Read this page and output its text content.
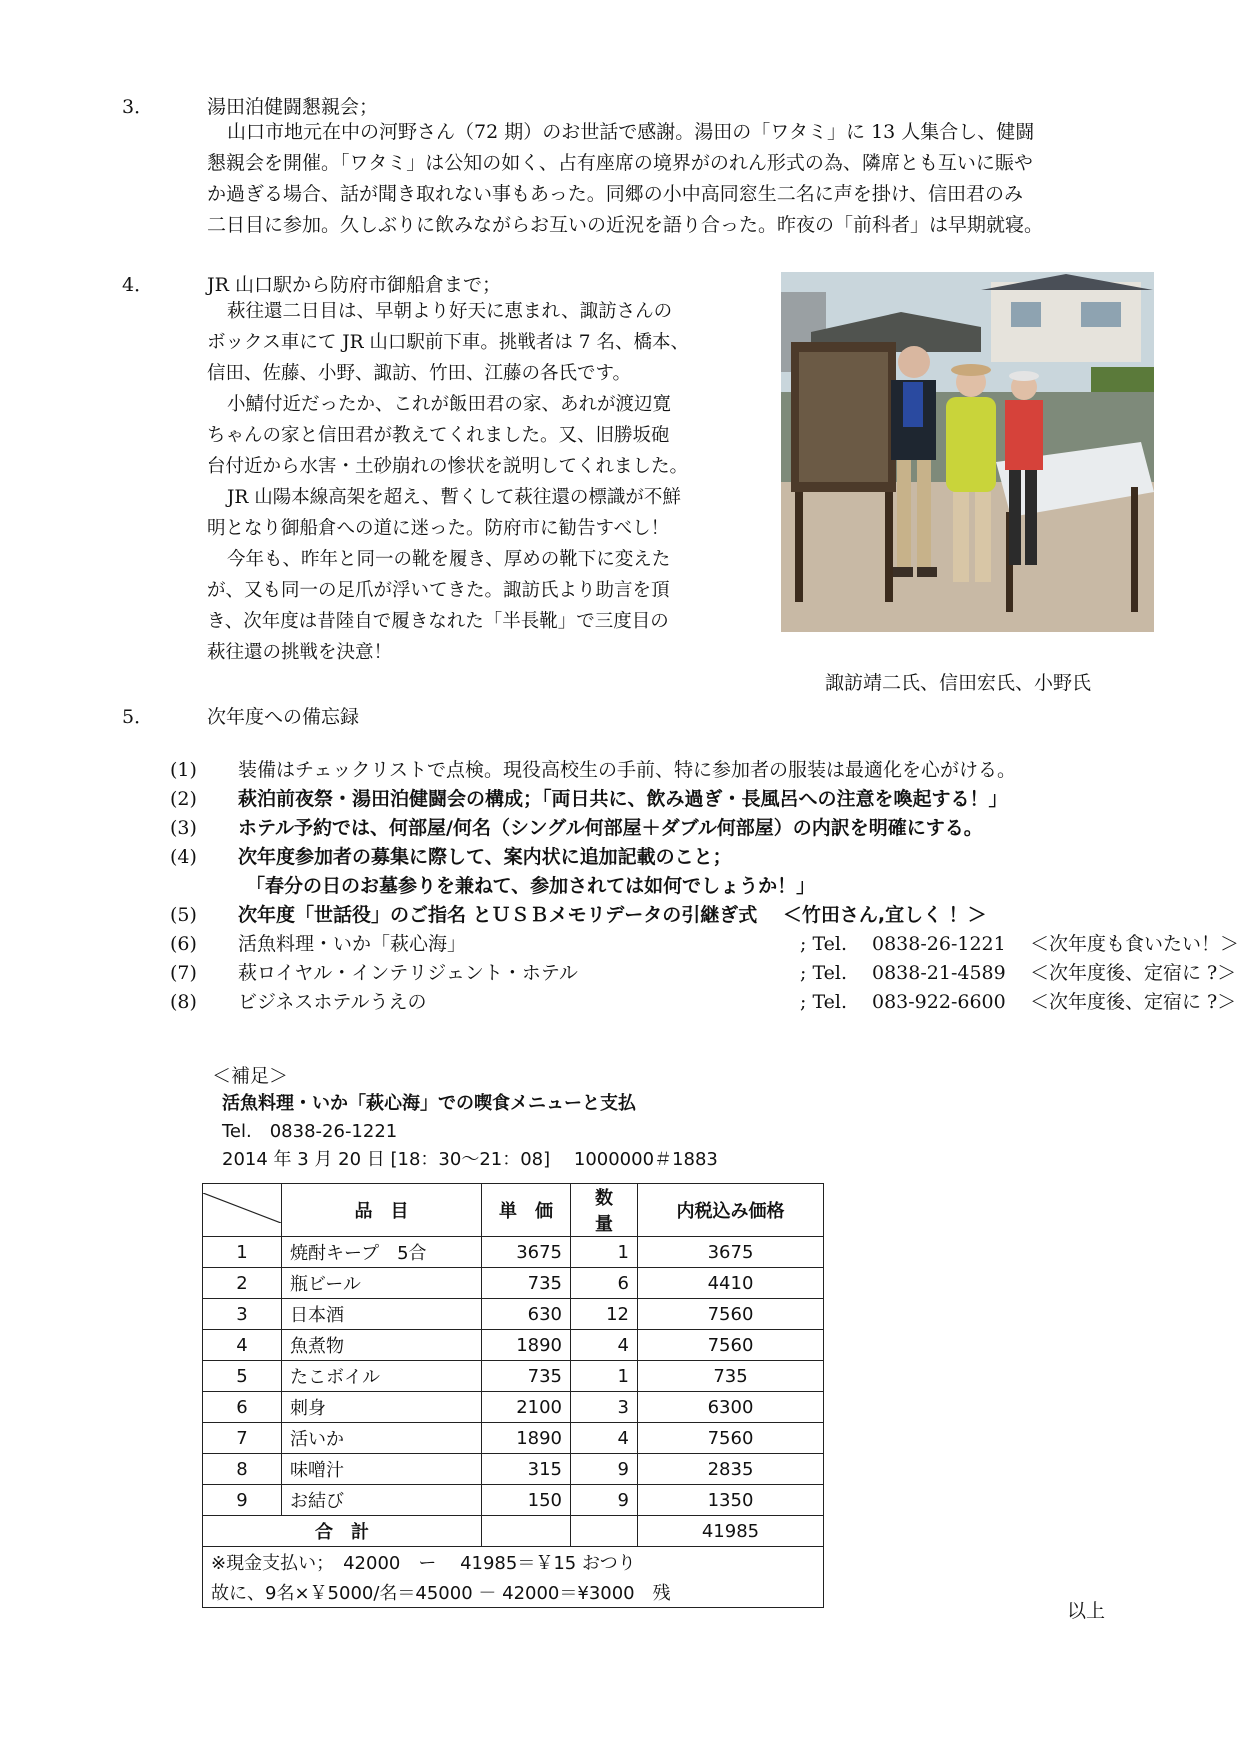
3．	湯田泊健闘懇親会；
山口市地元在中の河野さん（72 期）のお世話で感謝。湯田の「ワタミ」に 13 人集合し、健闘
懇親会を開催。「ワタミ」は公知の如く、占有座席の境界がのれん形式の為、隣席とも互いに賑や
か過ぎる場合、話が聞き取れない事もあった。同郷の小中高同窓生二名に声を掛け、信田君のみ
二日目に参加。久しぶりに飲みながらお互いの近況を語り合った。昨夜の「前科者」は早期就寝。
4．	JR 山口駅から防府市御船倉まで；
萩往還二日目は、早朝より好天に恵まれ、諏訪さんの
ボックス車にて JR 山口駅前下車。挑戦者は 7 名、橋本、
信田、佐藤、小野、諏訪、竹田、江藤の各氏です。
小鯖付近だったか、これが飯田君の家、あれが渡辺寛
ちゃんの家と信田君が教えてくれました。又、旧勝坂砲
台付近から水害・土砂崩れの惨状を説明してくれました。
JR 山陽本線高架を超え、暫くして萩往還の標識が不鮮
明となり御船倉への道に迷った。防府市に勧告すべし！
今年も、昨年と同一の靴を履き、厚めの靴下に変えた
が、又も同一の足爪が浮いてきた。諏訪氏より助言を頂
き、次年度は昔陸自で履きなれた「半長靴」で三度目の
萩往還の挑戦を決意！
諏訪靖二氏、信田宏氏、小野氏
5．	次年度への備忘録
(1) 装備はチェックリストで点検。現役高校生の手前、特に参加者の服装は最適化を心がける。
(2) 萩泊前夜祭・湯田泊健闘会の構成；「両日共に、飲み過ぎ・長風呂への注意を喚起する！」
(3) ホテル予約では、何部屋/何名（シングル何部屋＋ダブル何部屋）の内訳を明確にする。
(4) 次年度参加者の募集に際して、案内状に追加記載のこと；
「春分の日のお墓参りを兼ねて、参加されては如何でしょうか！」
(5) 次年度「世話役」のご指名 とＵＳＢメモリデータの引継ぎ式　 ＜竹田さん,宜しく ！＞
(6) 活魚料理・いか「萩心海」	; Tel. 0838-26-1221 ＜次年度も食いたい！＞
(7) 萩ロイヤル・インテリジェント・ホテル	; Tel. 0838-21-4589 ＜次年度後、定宿に ?＞
(8) ビジネスホテルうえの	; Tel. 083-922-6600 ＜次年度後、定宿に ?＞
＜補足＞
活魚料理・いか「萩心海」での喫食メニューと支払
Tel.　0838-26-1221
2014 年 3 月 20 日 [18：30～21：08]　 1000000＃1883
	品　目	単　価	数　量	内税込み価格
1	焼酎キープ　5合	3675	1	3675
2	瓶ビール	735	6	4410
3	日本酒	630	12	7560
4	魚煮物	1890	4	7560
5	たこボイル	735	1	735
6	刺身	2100	3	6300
7	活いか	1890	4	7560
8	味噌汁	315	9	2835
9	お結び	150	9	1350
合　計				41985
※現金支払い；　42000　ー　 41985＝￥15 おつり				
故に、9名×￥5000/名＝45000 － 42000＝¥3000　残				
以上
